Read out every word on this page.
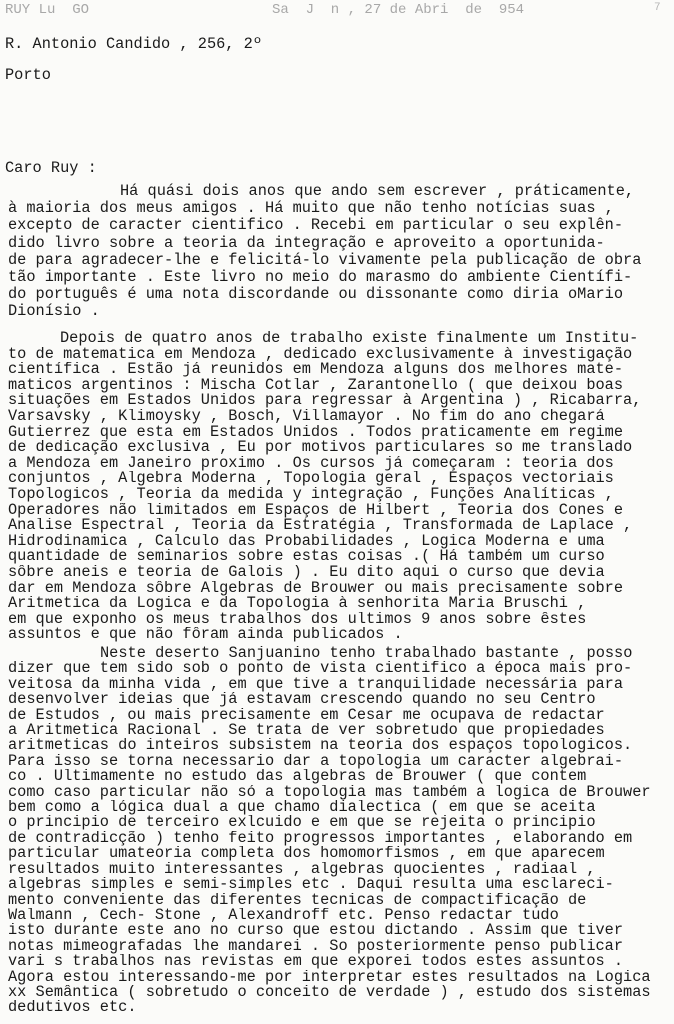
RUY Lu  GO	Sa  J  n , 27 de Abri  de  954	7
R. Antonio Candido , 256, 2º
Porto
Caro Ruy :
Há quási dois anos que ando sem escrever , práticamente,
à maioria dos meus amigos . Há muito que não tenho notícias suas ,
excepto de caracter cientifico . Recebi em particular o seu explên-
dido livro sobre a teoria da integração e aproveito a oportunida-
de para agradecer-lhe e felicitá-lo vivamente pela publicação de obra
tão importante . Este livro no meio do marasmo do ambiente Científi-
do português é uma nota discordande ou dissonante como diria oMario
Dionísio .
Depois de quatro anos de trabalho existe finalmente um Institu-
to de matematica em Mendoza , dedicado exclusivamente à investigação
científica . Estão já reunidos em Mendoza alguns dos melhores mate-
maticos argentinos : Mischa Cotlar , Zarantonello ( que deixou boas
situações em Estados Unidos para regressar à Argentina ) , Ricabarra,
Varsavsky , Klimoysky , Bosch, Villamayor . No fim do ano chegará
Gutierrez que esta em Estados Unidos . Todos praticamente em regime
de dedicação exclusiva , Eu por motivos particulares so me translado
a Mendoza em Janeiro proximo . Os cursos já começaram : teoria dos
conjuntos , Algebra Moderna , Topologia geral , Espaços vectoriais
Topologicos , Teoria da medida y integração , Funções Analíticas ,
Operadores não limitados em Espaços de Hilbert , Teoria dos Cones e
Analise Espectral , Teoria da Estratégia , Transformada de Laplace ,
Hidrodinamica , Calculo das Probabilidades , Logica Moderna e uma
quantidade de seminarios sobre estas coisas .( Há também um curso
sôbre aneis e teoria de Galois ) . Eu dito aqui o curso que devia
dar em Mendoza sôbre Algebras de Brouwer ou mais precisamente sobre
Aritmetica da Logica e da Topologia à senhorita Maria Bruschi ,
em que exponho os meus trabalhos dos ultimos 9 anos sobre êstes
assuntos e que não fôram ainda publicados .
Neste deserto Sanjuanino tenho trabalhado bastante , posso
dizer que tem sido sob o ponto de vista cientifico a época mais pro-
veitosa da minha vida , em que tive a tranquilidade necessária para
desenvolver ideias que já estavam crescendo quando no seu Centro
de Estudos , ou mais precisamente em Cesar me ocupava de redactar
a Aritmetica Racional . Se trata de ver sobretudo que propiedades
aritmeticas do inteiros subsistem na teoria dos espaços topologicos.
Para isso se torna necessario dar a topologia um caracter algebrai-
co . Ultimamente no estudo das algebras de Brouwer ( que contem
como caso particular não só a topologia mas também a logica de Brouwer
bem como a lógica dual a que chamo dialectica ( em que se aceita
o principio de terceiro exlcuido e em que se rejeita o principio
de contradicção ) tenho feito progressos importantes , elaborando em
particular umateoria completa dos homomorfismos , em que aparecem
resultados muito interessantes , algebras quocientes , radiaal ,
algebras simples e semi-simples etc . Daqui resulta uma esclareci-
mento conveniente das diferentes tecnicas de compactificação de
Walmann , Cech- Stone , Alexandroff etc. Penso redactar tudo
isto durante este ano no curso que estou dictando . Assim que tiver
notas mimeografadas lhe mandarei . So posteriormente penso publicar
vari s trabalhos nas revistas em que exporei todos estes assuntos .
Agora estou interessando-me por interpretar estes resultados na Logica
xx Semântica ( sobretudo o conceito de verdade ) , estudo dos sistemas
dedutivos etc.
